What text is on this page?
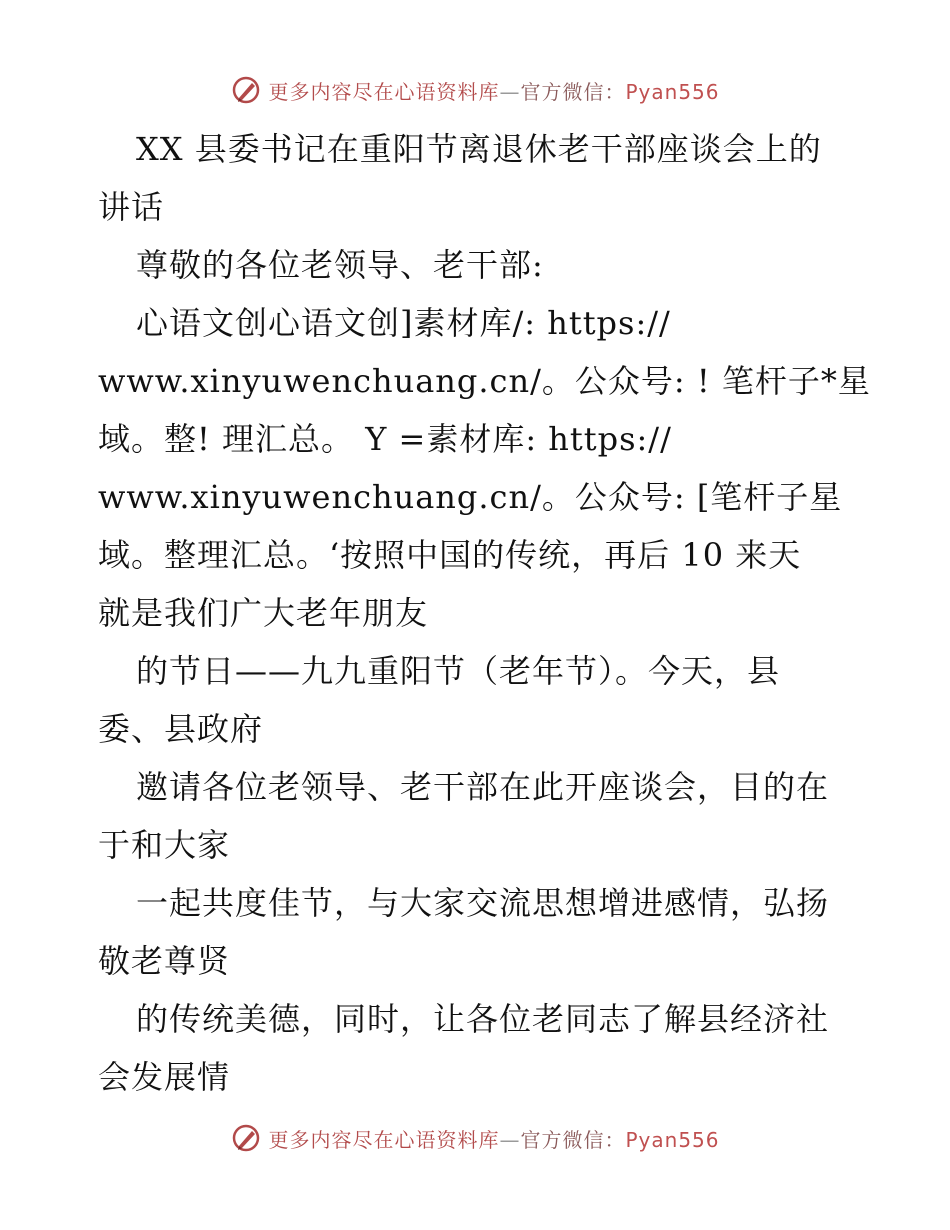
更多内容尽在心语资料库—官方微信：Pyan556
XX 县委书记在重阳节离退休老干部座谈会上的
讲话
尊敬的各位老领导、老干部:
心语文创心语文创]素材库/: https://
www.xinyuwenchuang.cn/。公众号: ! 笔杆子*星
域。整! 理汇总。 Y =素材库: https://
www.xinyuwenchuang.cn/。公众号: [笔杆子星
域。整理汇总。‘按照中国的传统，再后 10 来天
就是我们广大老年朋友
的节日——九九重阳节（老年节）。今天，县
委、县政府
邀请各位老领导、老干部在此开座谈会，目的在
于和大家
一起共度佳节，与大家交流思想增进感情，弘扬
敬老尊贤
的传统美德，同时，让各位老同志了解县经济社
会发展情
更多内容尽在心语资料库—官方微信：Pyan556
